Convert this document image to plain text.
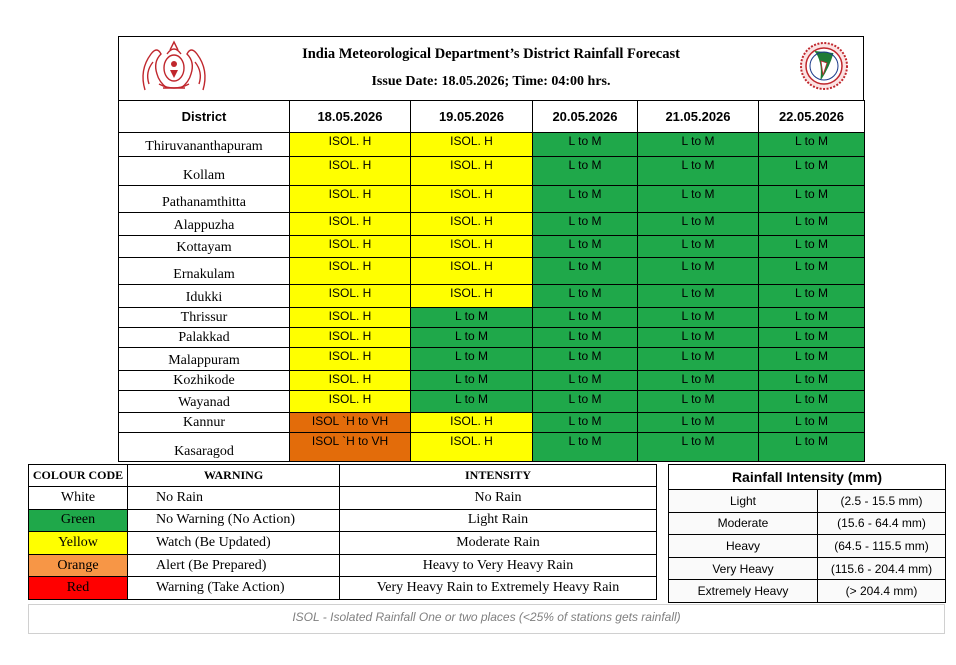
India Meteorological Department’s District Rainfall Forecast
Issue Date: 18.05.2026; Time: 04:00 hrs.
District	18.05.2026	19.05.2026	20.05.2026	21.05.2026	22.05.2026
Thiruvananthapuram	ISOL. H	ISOL. H	L to M	L to M	L to M
Kollam	ISOL. H	ISOL. H	L to M	L to M	L to M
Pathanamthitta	ISOL. H	ISOL. H	L to M	L to M	L to M
Alappuzha	ISOL. H	ISOL. H	L to M	L to M	L to M
Kottayam	ISOL. H	ISOL. H	L to M	L to M	L to M
Ernakulam	ISOL. H	ISOL. H	L to M	L to M	L to M
Idukki	ISOL. H	ISOL. H	L to M	L to M	L to M
Thrissur	ISOL. H	L to M	L to M	L to M	L to M
Palakkad	ISOL. H	L to M	L to M	L to M	L to M
Malappuram	ISOL. H	L to M	L to M	L to M	L to M
Kozhikode	ISOL. H	L to M	L to M	L to M	L to M
Wayanad	ISOL. H	L to M	L to M	L to M	L to M
Kannur	ISOL `H to VH	ISOL. H	L to M	L to M	L to M
Kasaragod	ISOL `H to VH	ISOL. H	L to M	L to M	L to M
COLOUR CODE	WARNING	INTENSITY
White	No Rain	No Rain
Green	No Warning (No Action)	Light Rain
Yellow	Watch (Be Updated)	Moderate Rain
Orange	Alert (Be Prepared)	Heavy to Very Heavy Rain
Red	Warning (Take Action)	Very Heavy Rain to Extremely Heavy Rain
Rainfall Intensity (mm)	
Light	(2.5 - 15.5 mm)
Moderate	(15.6 - 64.4 mm)
Heavy	(64.5 - 115.5 mm)
Very Heavy	(115.6 - 204.4 mm)
Extremely Heavy	(> 204.4 mm)
ISOL - Isolated Rainfall One or two places (<25% of stations gets rainfall)
